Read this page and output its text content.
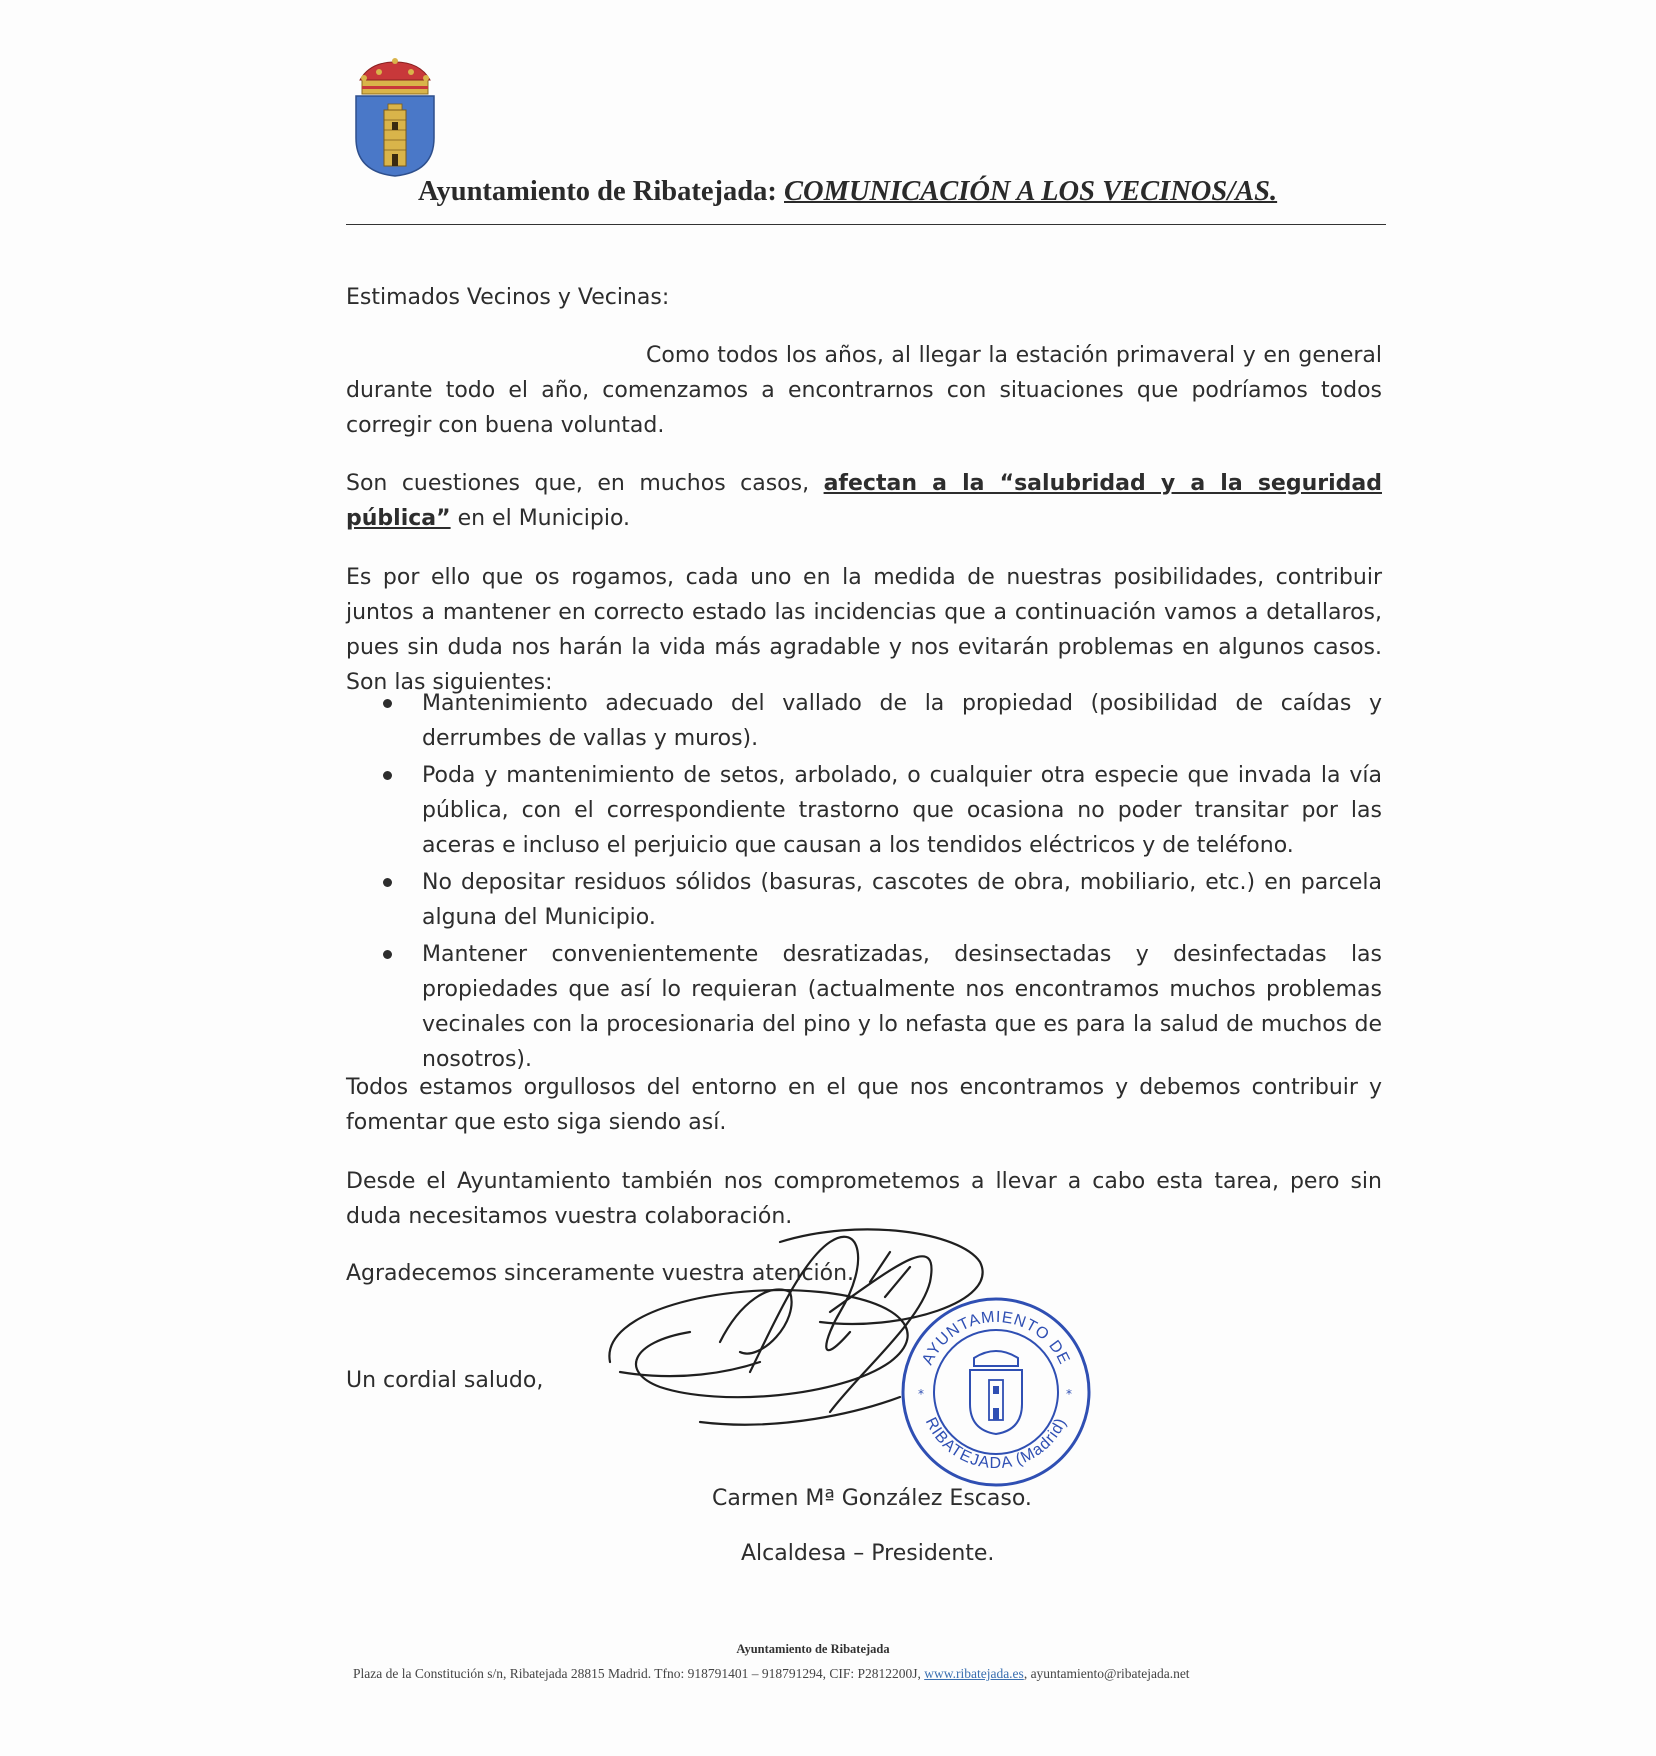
Ayuntamiento de Ribatejada: COMUNICACIÓN A LOS VECINOS/AS.
Estimados Vecinos y Vecinas:
Como todos los años, al llegar la estación primaveral y en general durante todo el año, comenzamos a encontrarnos con situaciones que podríamos todos corregir con buena voluntad.
Son cuestiones que, en muchos casos, afectan a la “salubridad y a la seguridad pública” en el Municipio.
Es por ello que os rogamos, cada uno en la medida de nuestras posibilidades, contribuir juntos a mantener en correcto estado las incidencias que a continuación vamos a detallaros, pues sin duda nos harán la vida más agradable y nos evitarán problemas en algunos casos. Son las siguientes:
Mantenimiento adecuado del vallado de la propiedad (posibilidad de caídas y derrumbes de vallas y muros).
Poda y mantenimiento de setos, arbolado, o cualquier otra especie que invada la vía pública, con el correspondiente trastorno que ocasiona no poder transitar por las aceras e incluso el perjuicio que causan a los tendidos eléctricos y de teléfono.
No depositar residuos sólidos (basuras, cascotes de obra, mobiliario, etc.) en parcela alguna del Municipio.
Mantener convenientemente desratizadas, desinsectadas y desinfectadas las propiedades que así lo requieran (actualmente nos encontramos muchos problemas vecinales con la procesionaria del pino y lo nefasta que es para la salud de muchos de nosotros).
Todos estamos orgullosos del entorno en el que nos encontramos y debemos contribuir y fomentar que esto siga siendo así.
Desde el Ayuntamiento también nos comprometemos a llevar a cabo esta tarea, pero sin duda necesitamos vuestra colaboración.
Agradecemos sinceramente vuestra atención.
Un cordial saludo,
AYUNTAMIENTO DE
RIBATEJADA (Madrid)
*	*
Carmen Mª González Escaso.
Alcaldesa – Presidente.
Ayuntamiento de Ribatejada
Plaza de la Constitución s/n, Ribatejada 28815 Madrid. Tfno: 918791401 – 918791294, CIF: P2812200J, www.ribatejada.es, ayuntamiento@ribatejada.net
